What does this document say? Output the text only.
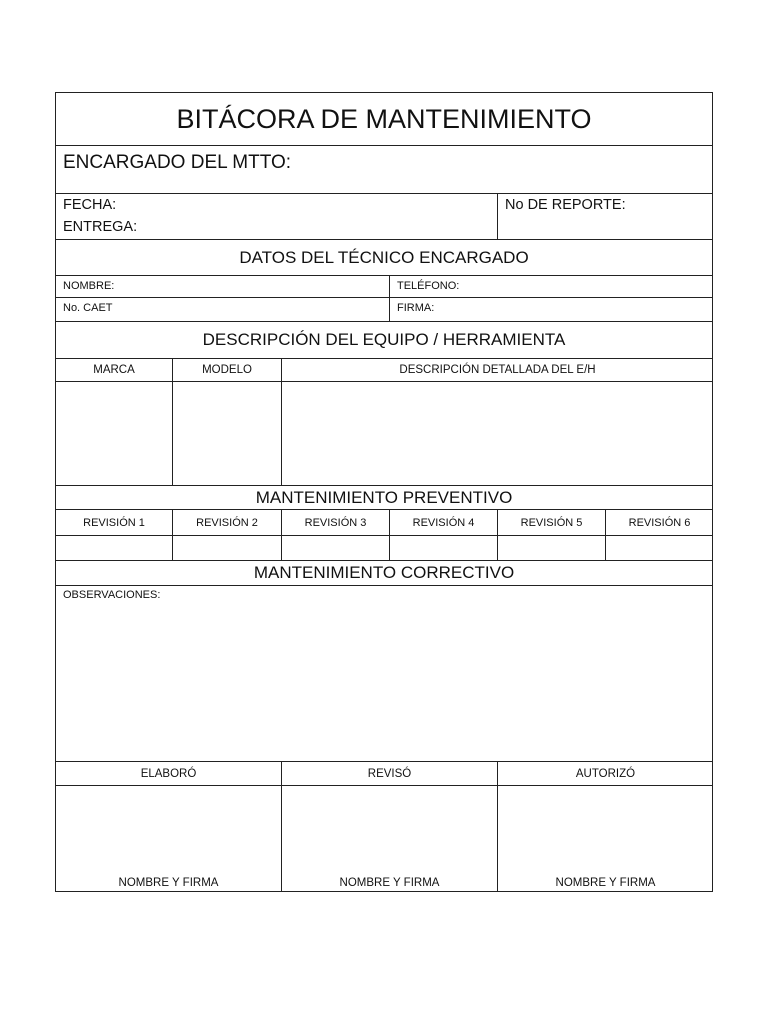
BITÁCORA DE MANTENIMIENTO
ENCARGADO DEL MTTO:
FECHA:
ENTREGA:
No DE REPORTE:
DATOS DEL TÉCNICO ENCARGADO
NOMBRE:	TELÉFONO:
No. CAET	FIRMA:
DESCRIPCIÓN DEL EQUIPO / HERRAMIENTA
MARCA	MODELO	DESCRIPCIÓN DETALLADA DEL E/H
MANTENIMIENTO PREVENTIVO
REVISIÓN 1	REVISIÓN 2	REVISIÓN 3	REVISIÓN 4	REVISIÓN 5	REVISIÓN 6
MANTENIMIENTO CORRECTIVO
OBSERVACIONES:
ELABORÓ	REVISÓ	AUTORIZÓ
NOMBRE Y FIRMA	NOMBRE Y FIRMA	NOMBRE Y FIRMA
